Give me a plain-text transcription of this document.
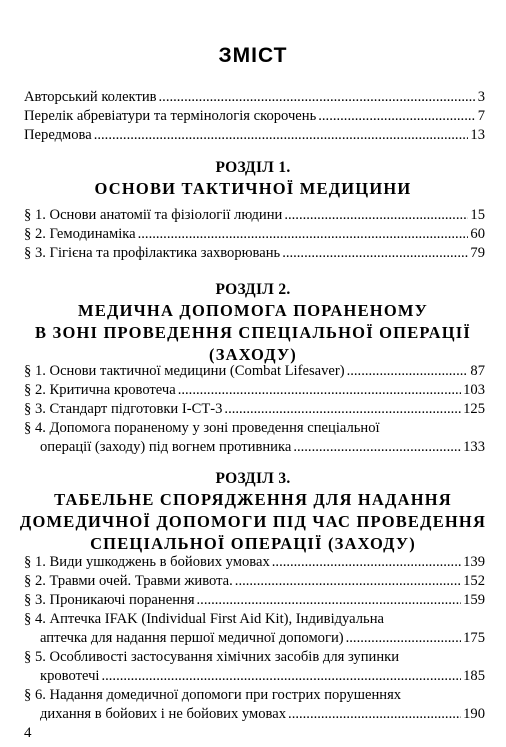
ЗМІСТ
Авторський колектив .....	3
Перелік абревіатури та термінологія скорочень .....	7
Передмова .....	13
РОЗДІЛ 1.
ОСНОВИ ТАКТИЧНОЇ МЕДИЦИНИ
§ 1. Основи анатомії та фізіології людини .....	15
§ 2. Гемодинаміка .....	60
§ 3. Гігієна та профілактика захворювань .....	79
РОЗДІЛ 2.
МЕДИЧНА ДОПОМОГА ПОРАНЕНОМУ
В ЗОНІ ПРОВЕДЕННЯ СПЕЦІАЛЬНОЇ ОПЕРАЦІЇ
(ЗАХОДУ)
§ 1. Основи тактичної медицини (Combat Lifesaver) .....	87
§ 2. Критична кровотеча .....	103
§ 3. Стандарт підготовки І-СТ-3 .....	125
§ 4. Допомога пораненому у зоні проведення спеціальної
операції (заходу) під вогнем противника .....	133
РОЗДІЛ 3.
ТАБЕЛЬНЕ СПОРЯДЖЕННЯ ДЛЯ НАДАННЯ
ДОМЕДИЧНОЇ ДОПОМОГИ ПІД ЧАС ПРОВЕДЕННЯ
СПЕЦІАЛЬНОЇ ОПЕРАЦІЇ (ЗАХОДУ)
§ 1. Види ушкоджень в бойових умовах .....	139
§ 2. Травми очей. Травми живота. .....	152
§ 3. Проникаючі поранення .....	159
§ 4. Аптечка IFAK (Individual First Aid Kit), Індивідуальна
аптечка для надання першої медичної допомоги) .....	175
§ 5. Особливості застосування хімічних засобів для зупинки
кровотечі .....	185
§ 6. Надання домедичної допомоги при гострих порушеннях
дихання в бойових і не бойових умовах .....	190
4
